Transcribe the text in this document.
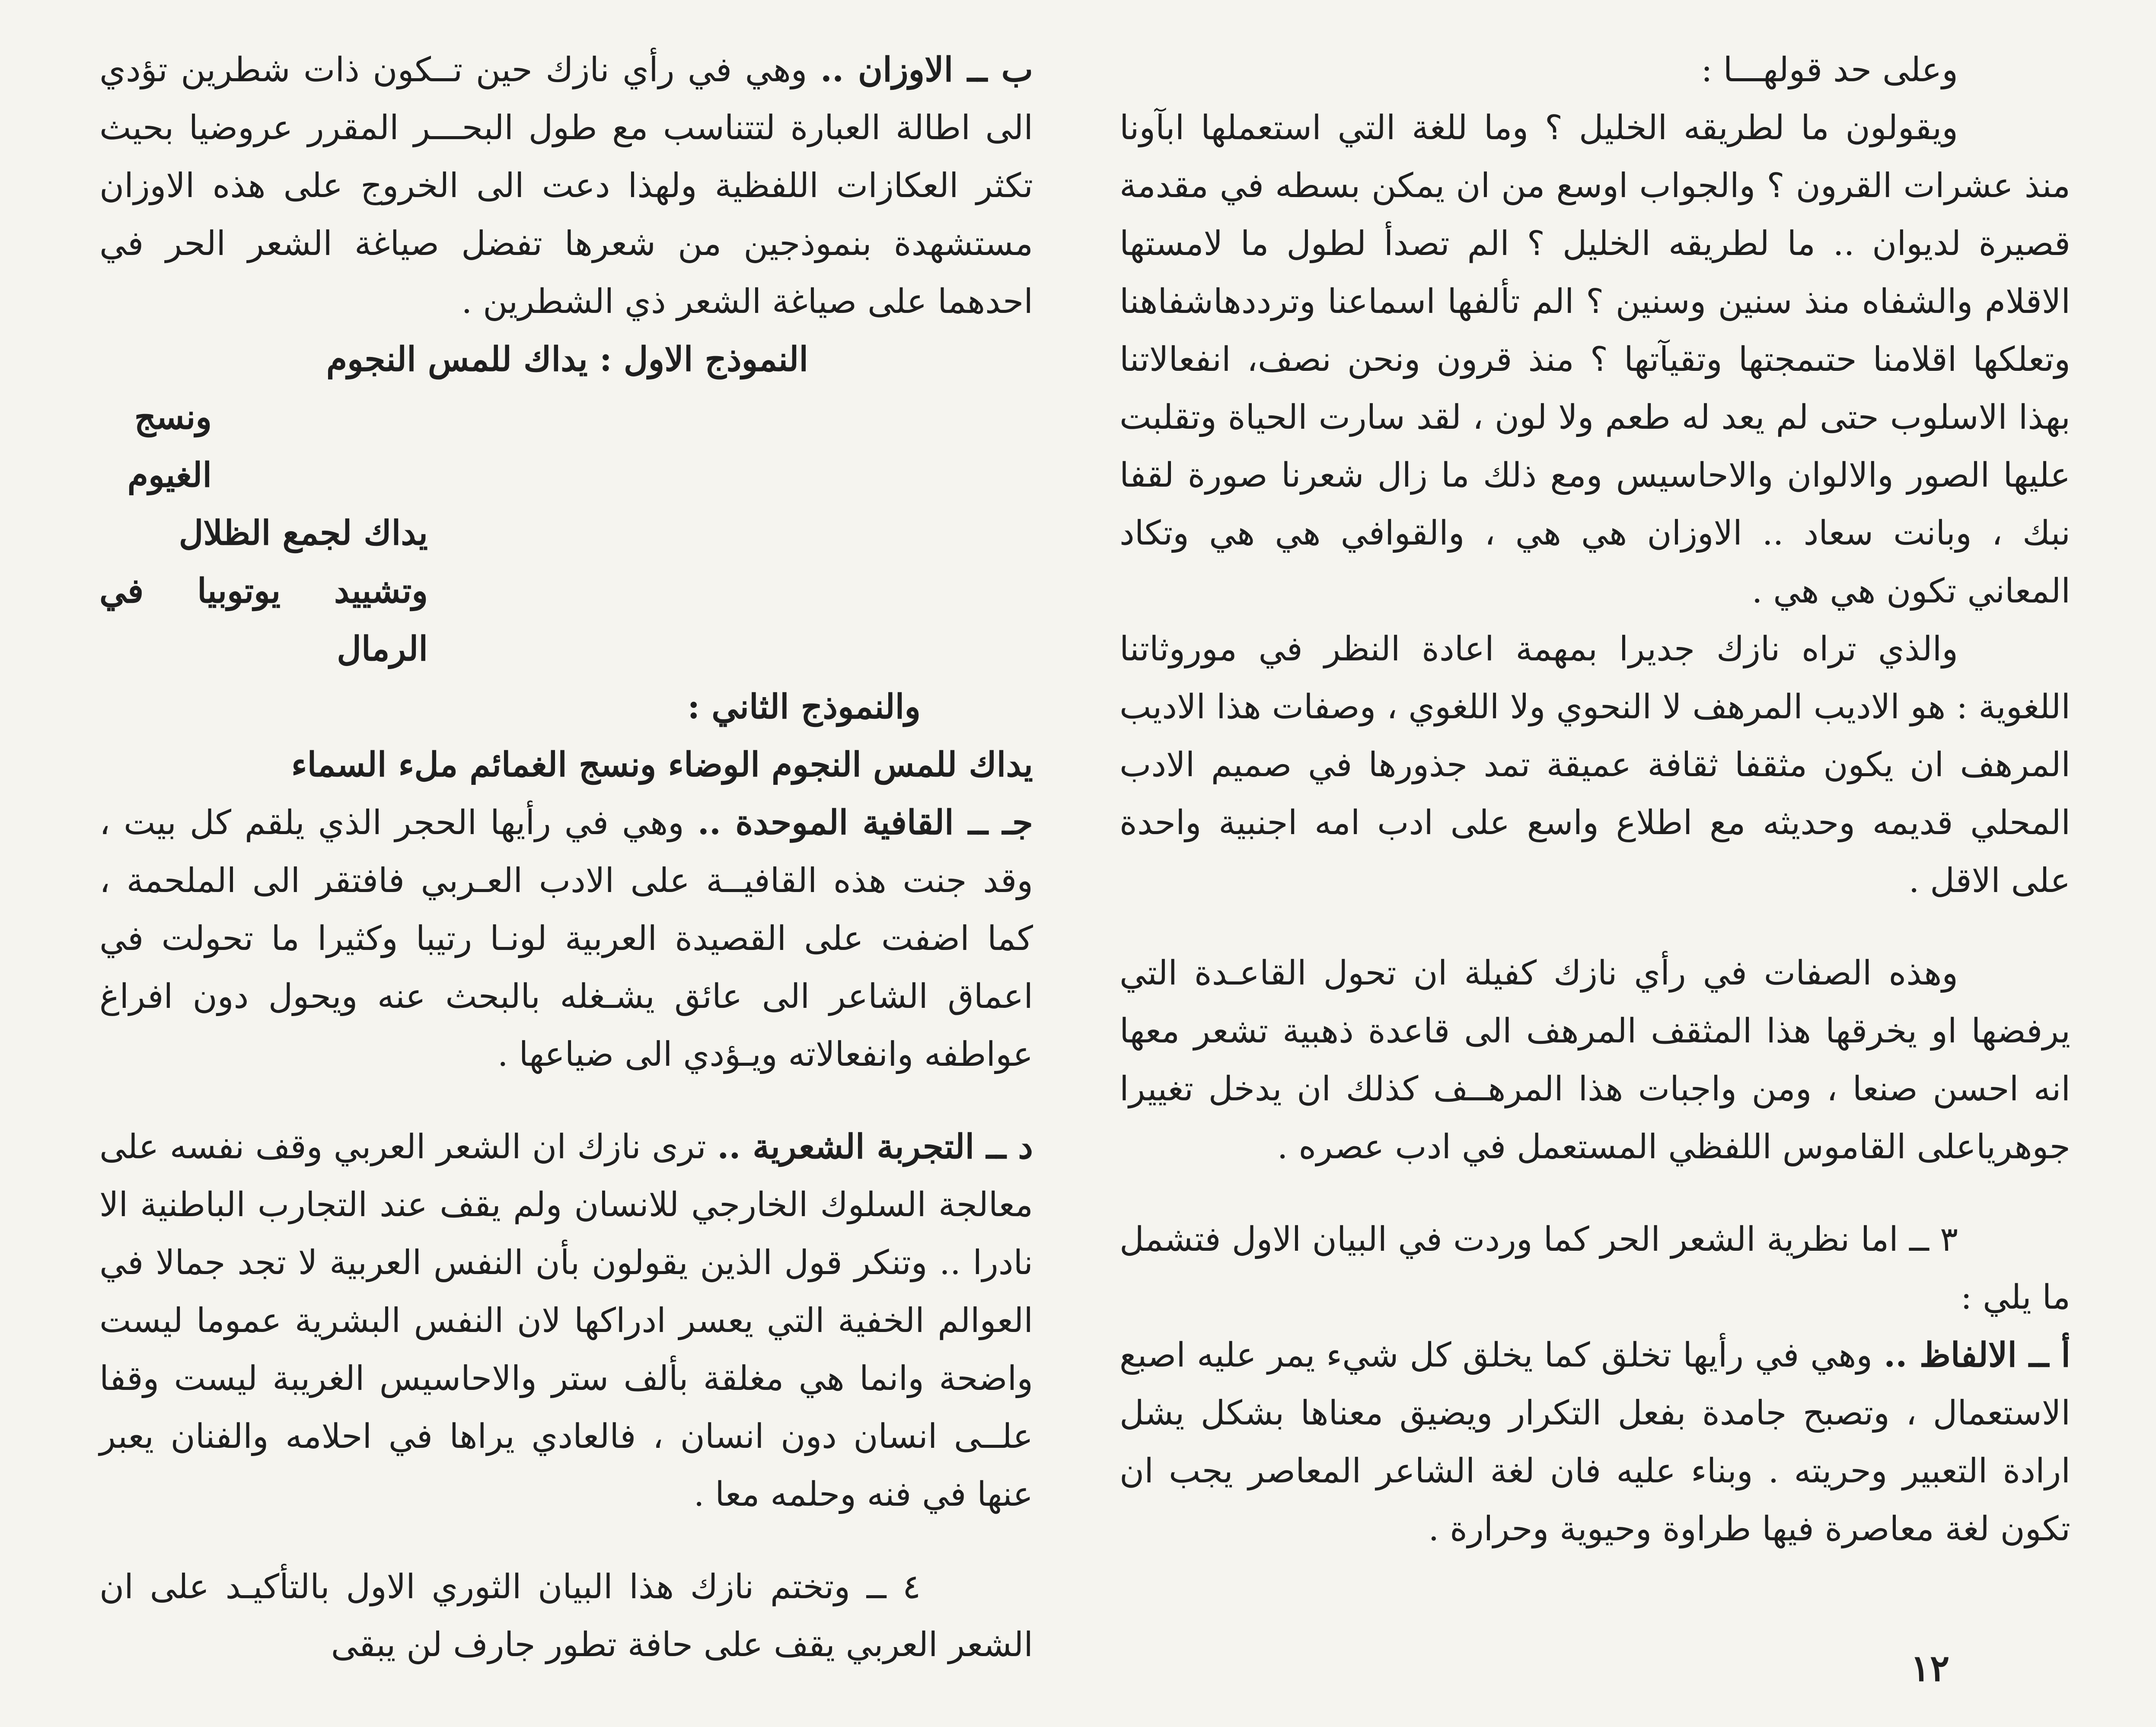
وعلى حد قولهـــا :

ويقولون ما لطريقه الخليل ؟ وما للغة التي استعملها ابآونا منذ عشرات القرون ؟ والجواب اوسع من ان يمكن بسطه في مقدمة قصيرة لديوان .. ما لطريقه الخليل ؟ الم تصدأ لطول ما لامستها الاقلام والشفاه منذ سنين وسنين ؟ الم تألفها اسماعنا وترددهاشفاهنا وتعلكها اقلامنا حتىمجتها وتقيآتها ؟ منذ قرون ونحن نصف، انفعالاتنا بهذا الاسلوب حتى لم يعد له طعم ولا لون ، لقد سارت الحياة وتقلبت عليها الصور والالوان والاحاسيس ومع ذلك ما زال شعرنا صورة لقفا نبك ، وبانت سعاد .. الاوزان هي هي ، والقوافي هي هي وتكاد المعاني تكون هي هي .

والذي تراه نازك جديرا بمهمة اعادة النظر في موروثاتنا اللغوية : هو الاديب المرهف لا النحوي ولا اللغوي ، وصفات هذا الاديب المرهف ان يكون مثقفا ثقافة عميقة تمد جذورها في صميم الادب المحلي قديمه وحديثه مع اطلاع واسع على ادب امه اجنبية واحدة على الاقل .

وهذه الصفات في رأي نازك كفيلة ان تحول القاعـدة التي يرفضها او يخرقها هذا المثقف المرهف الى قاعدة ذهبية تشعر معها انه احسن صنعا ، ومن واجبات هذا المرهــف كذلك ان يدخل تغييرا جوهرياعلى القاموس اللفظي المستعمل في ادب عصره .

٣ ــ اما نظرية الشعر الحر كما وردت في البيان الاول فتشمل ما يلي :

أ ــ الالفاظ .. وهي في رأيها تخلق كما يخلق كل شيء يمر عليه اصبع الاستعمال ، وتصبح جامدة بفعل التكرار ويضيق معناها بشكل يشل ارادة التعبير وحريته . وبناء عليه فان لغة الشاعر المعاصر يجب ان تكون لغة معاصرة فيها طراوة وحيوية وحرارة .

١٢

ب ــ الاوزان .. وهي في رأي نازك حين تــكون ذات شطرين تؤدي الى اطالة العبارة لتتناسب مع طول البحـــر المقرر عروضيا بحيث تكثر العكازات اللفظية ولهذا دعت الى الخروج على هذه الاوزان مستشهدة بنموذجين من شعرها تفضل صياغة الشعر الحر في احدهما على صياغة الشعر ذي الشطرين .

النموذج الاول : يداك للمس النجوم
ونسج الغيوم
يداك لجمع الظلال
وتشييد يوتوبيا في الرمال
والنموذج الثاني :
يداك للمس النجوم الوضاء ونسج الغمائم ملء السماء

جـ ــ القافية الموحدة .. وهي في رأيها الحجر الذي يلقم كل بيت ، وقد جنت هذه القافيــة على الادب العـربي فافتقر الى الملحمة ، كما اضفت على القصيدة العربية لونـا رتيبا وكثيرا ما تحولت في اعماق الشاعر الى عائق يشـغله بالبحث عنه ويحول دون افراغ عواطفه وانفعالاته ويـؤدي الى ضياعها .

د ــ التجربة الشعرية .. ترى نازك ان الشعر العربي وقف نفسه على معالجة السلوك الخارجي للانسان ولم يقف عند التجارب الباطنية الا نادرا .. وتنكر قول الذين يقولون بأن النفس العربية لا تجد جمالا في العوالم الخفية التي يعسر ادراكها لان النفس البشرية عموما ليست واضحة وانما هي مغلقة بألف ستر والاحاسيس الغريبة ليست وقفا علــى انسان دون انسان ، فالعادي يراها في احلامه والفنان يعبر عنها في فنه وحلمه معا .

٤ ــ وتختم نازك هذا البيان الثوري الاول بالتأكيـد على ان الشعر العربي يقف على حافة تطور جارف لن يبقى
